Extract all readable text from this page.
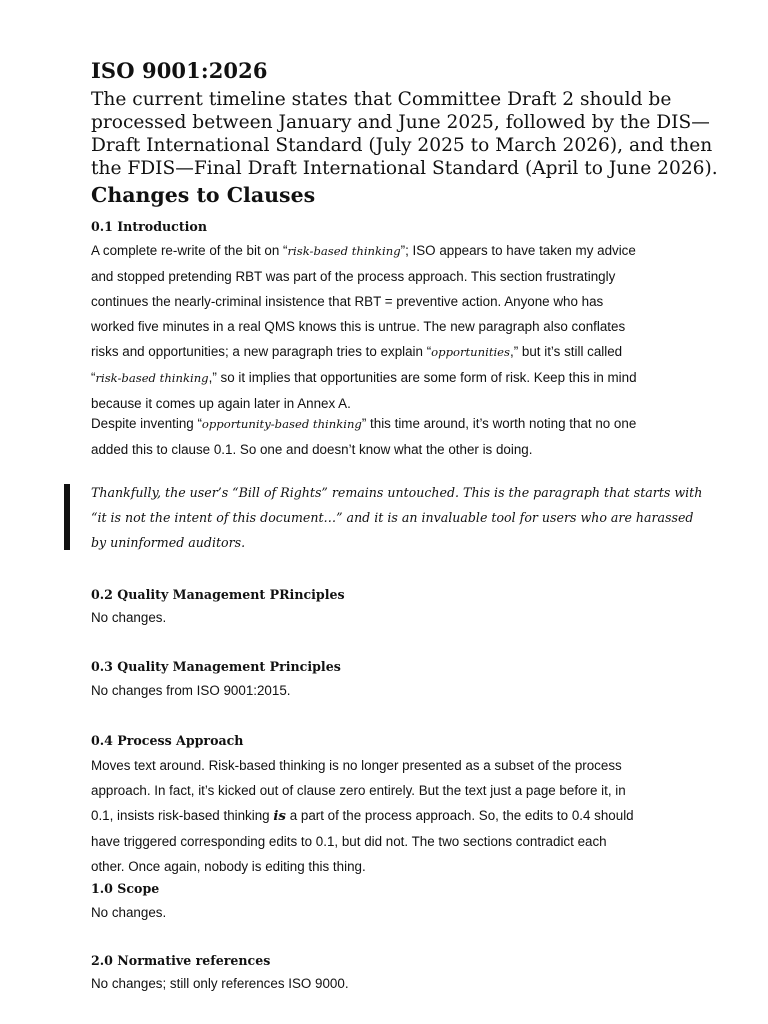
ISO 9001:2026
The current timeline states that Committee Draft 2 should be
processed between January and June 2025, followed by the DIS—
Draft International Standard (July 2025 to March 2026), and then
the FDIS—Final Draft International Standard (April to June 2026).
Changes to Clauses
0.1 Introduction
A complete re-write of the bit on “risk-based thinking”; ISO appears to have taken my advice
and stopped pretending RBT was part of the process approach. This section frustratingly
continues the nearly-criminal insistence that RBT = preventive action. Anyone who has
worked five minutes in a real QMS knows this is untrue. The new paragraph also conflates
risks and opportunities; a new paragraph tries to explain “opportunities,” but it’s still called
“risk-based thinking,” so it implies that opportunities are some form of risk. Keep this in mind
because it comes up again later in Annex A.
Despite inventing “opportunity-based thinking” this time around, it’s worth noting that no one
added this to clause 0.1. So one and doesn’t know what the other is doing.
Thankfully, the user’s “Bill of Rights” remains untouched. This is the paragraph that starts with
“it is not the intent of this document…” and it is an invaluable tool for users who are harassed
by uninformed auditors.
0.2 Quality Management PRinciples
No changes.
0.3 Quality Management Principles
No changes from ISO 9001:2015.
0.4 Process Approach
Moves text around. Risk-based thinking is no longer presented as a subset of the process
approach. In fact, it’s kicked out of clause zero entirely. But the text just a page before it, in
0.1, insists risk-based thinking is a part of the process approach. So, the edits to 0.4 should
have triggered corresponding edits to 0.1, but did not. The two sections contradict each
other. Once again, nobody is editing this thing.
1.0 Scope
No changes.
2.0 Normative references
No changes; still only references ISO 9000.
